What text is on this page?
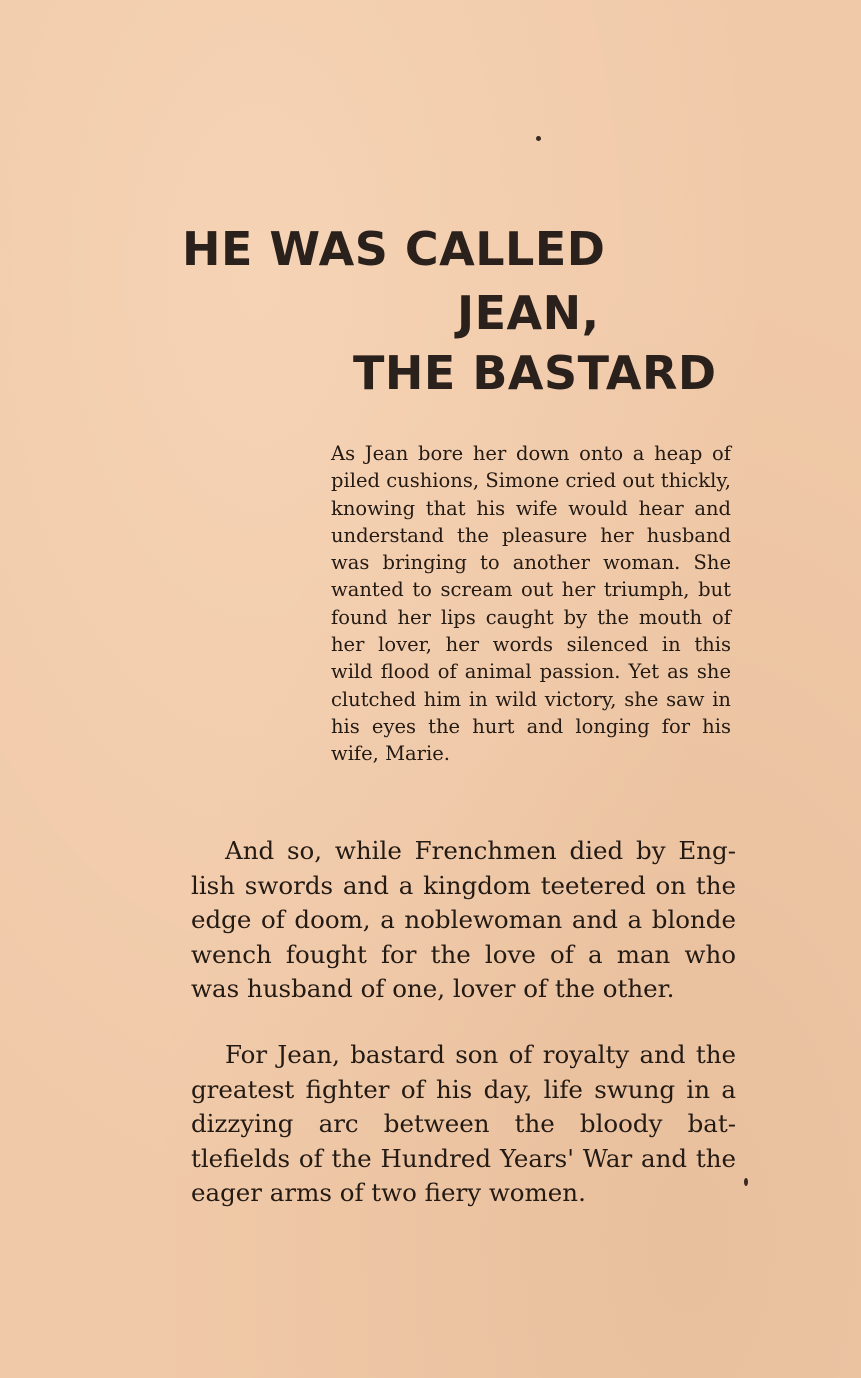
HE WAS CALLED
JEAN,
THE BASTARD

As Jean bore her down onto a heap of piled cushions, Simone cried out thickly, knowing that his wife would hear and understand the pleasure her husband was bringing to another woman. She wanted to scream out her triumph, but found her lips caught by the mouth of her lover, her words silenced in this wild flood of animal passion. Yet as she clutched him in wild victory, she saw in his eyes the hurt and longing for his wife, Marie.

And so, while Frenchmen died by English swords and a kingdom teetered on the edge of doom, a noblewoman and a blonde wench fought for the love of a man who was husband of one, lover of the other.

For Jean, bastard son of royalty and the greatest fighter of his day, life swung in a dizzying arc between the bloody battlefields of the Hundred Years' War and the eager arms of two fiery women.
